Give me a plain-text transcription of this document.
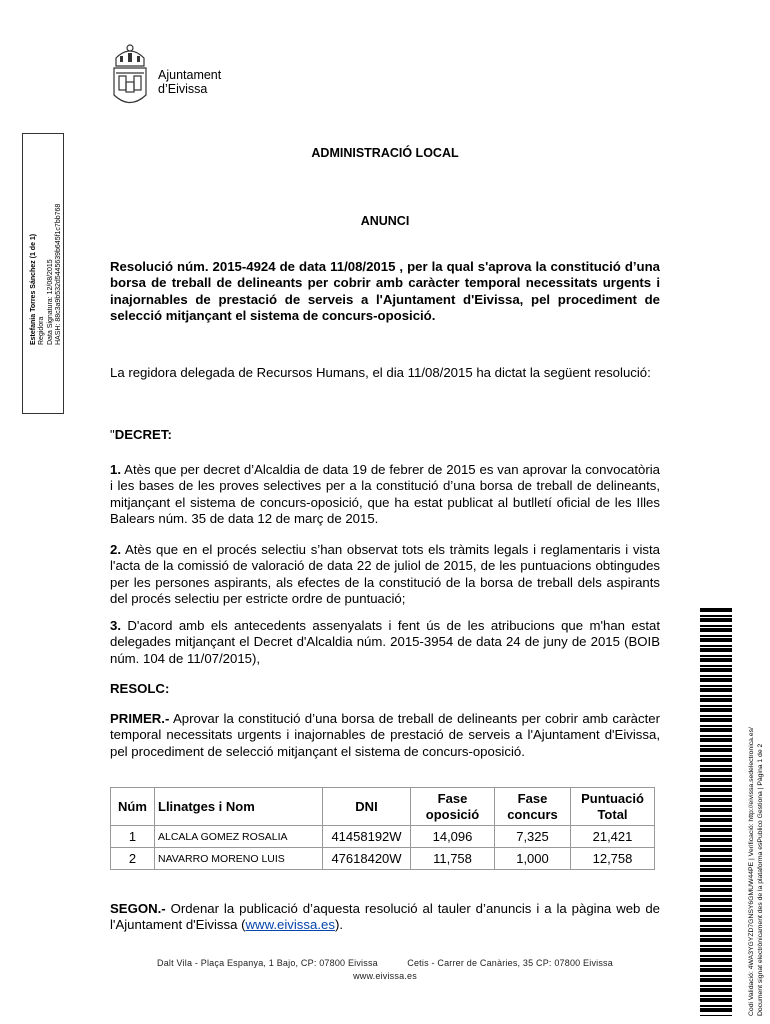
Ajuntament
d’Eivissa
Estefania Torres Sánchez (1 de 1) Regidora Data Signatura: 12/08/2015 HASH: 88c3a9b532d5445639b645f1c7bb768
ADMINISTRACIÓ LOCAL
ANUNCI
Resolució núm. 2015-4924 de data 11/08/2015 , per la qual s'aprova la constitució d’una borsa de treball de delineants per cobrir amb caràcter temporal necessitats urgents i inajornables de prestació de serveis a l'Ajuntament d'Eivissa, pel procediment de selecció mitjançant el sistema de concurs-oposició.
La regidora delegada de Recursos Humans, el dia 11/08/2015 ha dictat la següent resolució:
"DECRET:
1. Atès que per decret d’Alcaldia de data 19 de febrer de 2015 es van aprovar la convocatòria i les bases de les proves selectives per a la constitució d’una borsa de treball de delineants, mitjançant el sistema de concurs-oposició, que ha estat publicat al butlletí oficial de les Illes Balears núm. 35 de data 12 de març de 2015.
2. Atès que en el procés selectiu s’han observat tots els tràmits legals i reglamentaris i vista l'acta de la comissió de valoració de data 22 de juliol de 2015, de les puntuacions obtingudes per les persones aspirants, als efectes de la constitució de la borsa de treball dels aspirants del procés selectiu per estricte ordre de puntuació;
3. D'acord amb els antecedents assenyalats i fent ús de les atribucions que m'han estat delegades mitjançant el Decret d'Alcaldia núm. 2015-3954 de data 24 de juny de 2015 (BOIB núm. 104 de 11/07/2015),
RESOLC:
PRIMER.- Aprovar la constitució d’una borsa de treball de delineants per cobrir amb caràcter temporal necessitats urgents i inajornables de prestació de serveis a l'Ajuntament d'Eivissa, pel procediment de selecció mitjançant el sistema de concurs-oposició.
Núm	Llinatges i Nom	DNI	Fase oposició	Fase concurs	Puntuació Total
1	ALCALA GOMEZ ROSALIA	41458192W	14,096	7,325	21,421
2	NAVARRO MORENO LUIS	47618420W	11,758	1,000	12,758
SEGON.- Ordenar la publicació d’aquesta resolució al tauler d’anuncis i a la pàgina web de l'Ajuntament d'Eivissa (www.eivissa.es).
Dalt Vila - Plaça Espanya, 1 Bajo, CP: 07800 Eivissa	Cetis - Carrer de Canàries, 35 CP: 07800 Eivissa
www.eivissa.es	Codi Validació: 4WA3YGYZD7GNSY6GMUW44PE | Verificació: http://eivissa.sedelectronica.es/ Document signat electrònicament des de la plataforma esPublico Gestiona | Pàgina 1 de 2
